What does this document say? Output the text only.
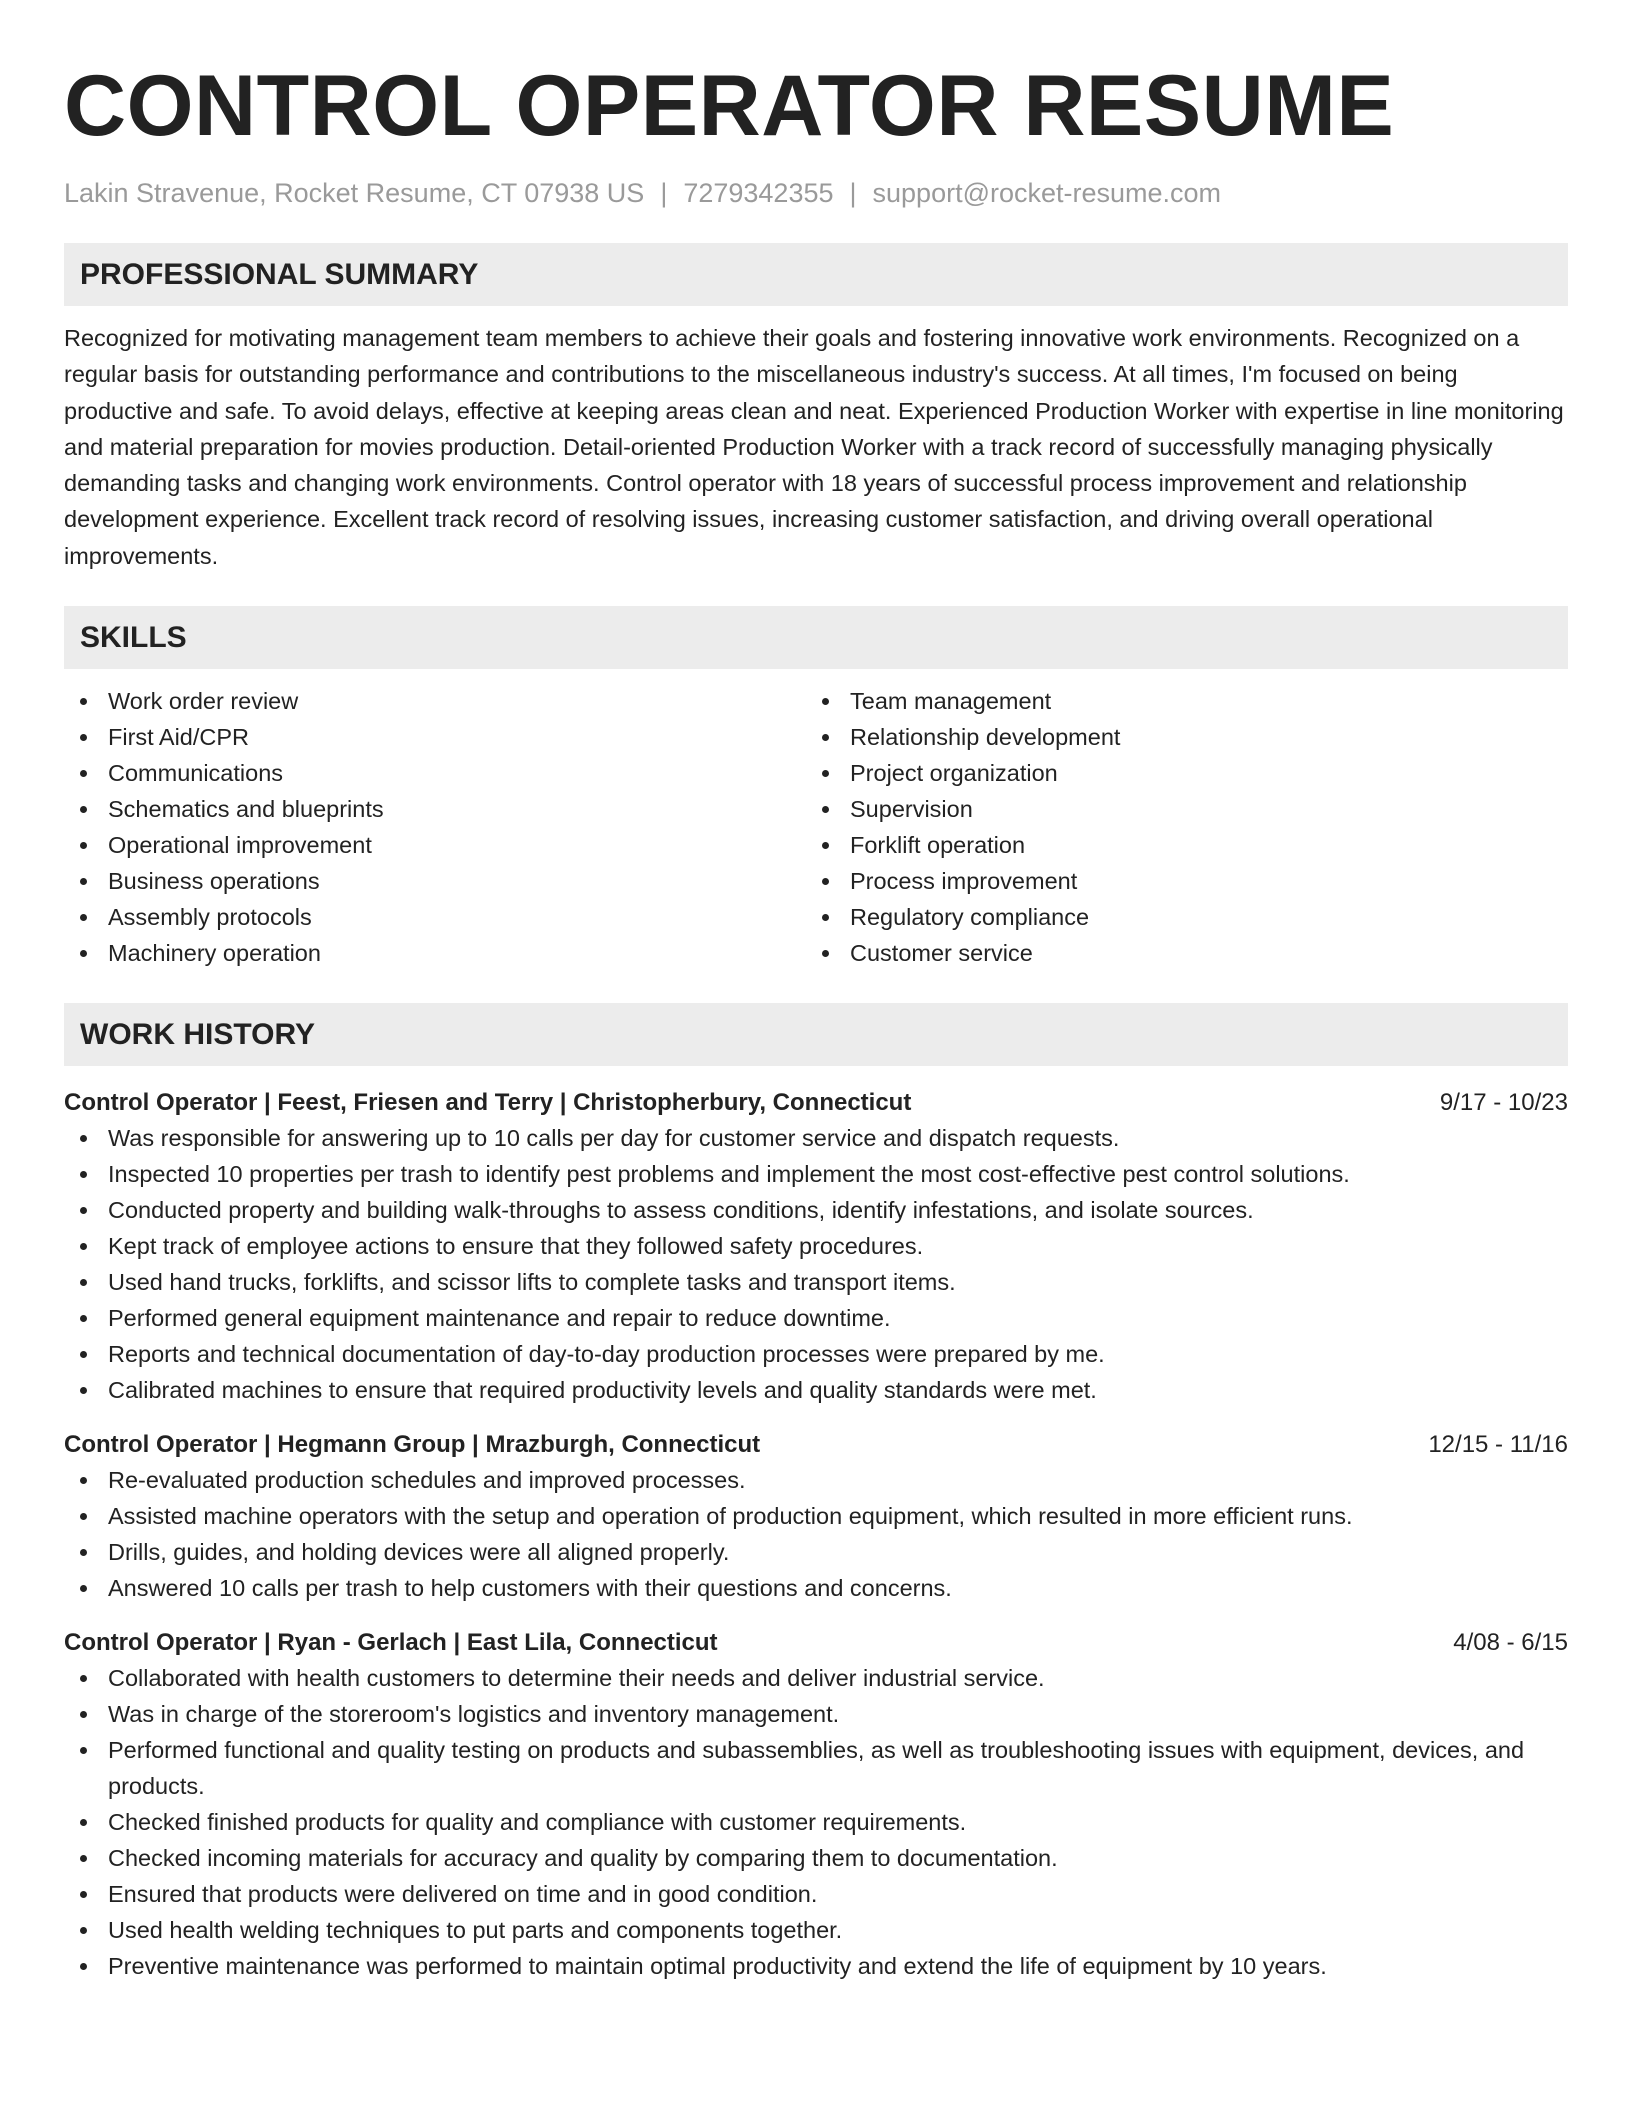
CONTROL OPERATOR RESUME
Lakin Stravenue, Rocket Resume, CT 07938 US | 7279342355 | support@rocket-resume.com
PROFESSIONAL SUMMARY

Recognized for motivating management team members to achieve their goals and fostering innovative work environments. Recognized on a regular basis for outstanding performance and contributions to the miscellaneous industry's success. At all times, I'm focused on being productive and safe. To avoid delays, effective at keeping areas clean and neat. Experienced Production Worker with expertise in line monitoring and material preparation for movies production. Detail-oriented Production Worker with a track record of successfully managing physically demanding tasks and changing work environments. Control operator with 18 years of successful process improvement and relationship development experience. Excellent track record of resolving issues, increasing customer satisfaction, and driving overall operational improvements.

SKILLS
Work order review
First Aid/CPR
Communications
Schematics and blueprints
Operational improvement
Business operations
Assembly protocols
Machinery operation
Team management
Relationship development
Project organization
Supervision
Forklift operation
Process improvement
Regulatory compliance
Customer service
WORK HISTORY
Control Operator | Feest, Friesen and Terry | Christopherbury, Connecticut	9/17 - 10/23
Was responsible for answering up to 10 calls per day for customer service and dispatch requests.
Inspected 10 properties per trash to identify pest problems and implement the most cost-effective pest control solutions.
Conducted property and building walk-throughs to assess conditions, identify infestations, and isolate sources.
Kept track of employee actions to ensure that they followed safety procedures.
Used hand trucks, forklifts, and scissor lifts to complete tasks and transport items.
Performed general equipment maintenance and repair to reduce downtime.
Reports and technical documentation of day-to-day production processes were prepared by me.
Calibrated machines to ensure that required productivity levels and quality standards were met.
Control Operator | Hegmann Group | Mrazburgh, Connecticut	12/15 - 11/16
Re-evaluated production schedules and improved processes.
Assisted machine operators with the setup and operation of production equipment, which resulted in more efficient runs.
Drills, guides, and holding devices were all aligned properly.
Answered 10 calls per trash to help customers with their questions and concerns.
Control Operator | Ryan - Gerlach | East Lila, Connecticut	4/08 - 6/15
Collaborated with health customers to determine their needs and deliver industrial service.
Was in charge of the storeroom's logistics and inventory management.
Performed functional and quality testing on products and subassemblies, as well as troubleshooting issues with equipment, devices, and products.
Checked finished products for quality and compliance with customer requirements.
Checked incoming materials for accuracy and quality by comparing them to documentation.
Ensured that products were delivered on time and in good condition.
Used health welding techniques to put parts and components together.
Preventive maintenance was performed to maintain optimal productivity and extend the life of equipment by 10 years.
